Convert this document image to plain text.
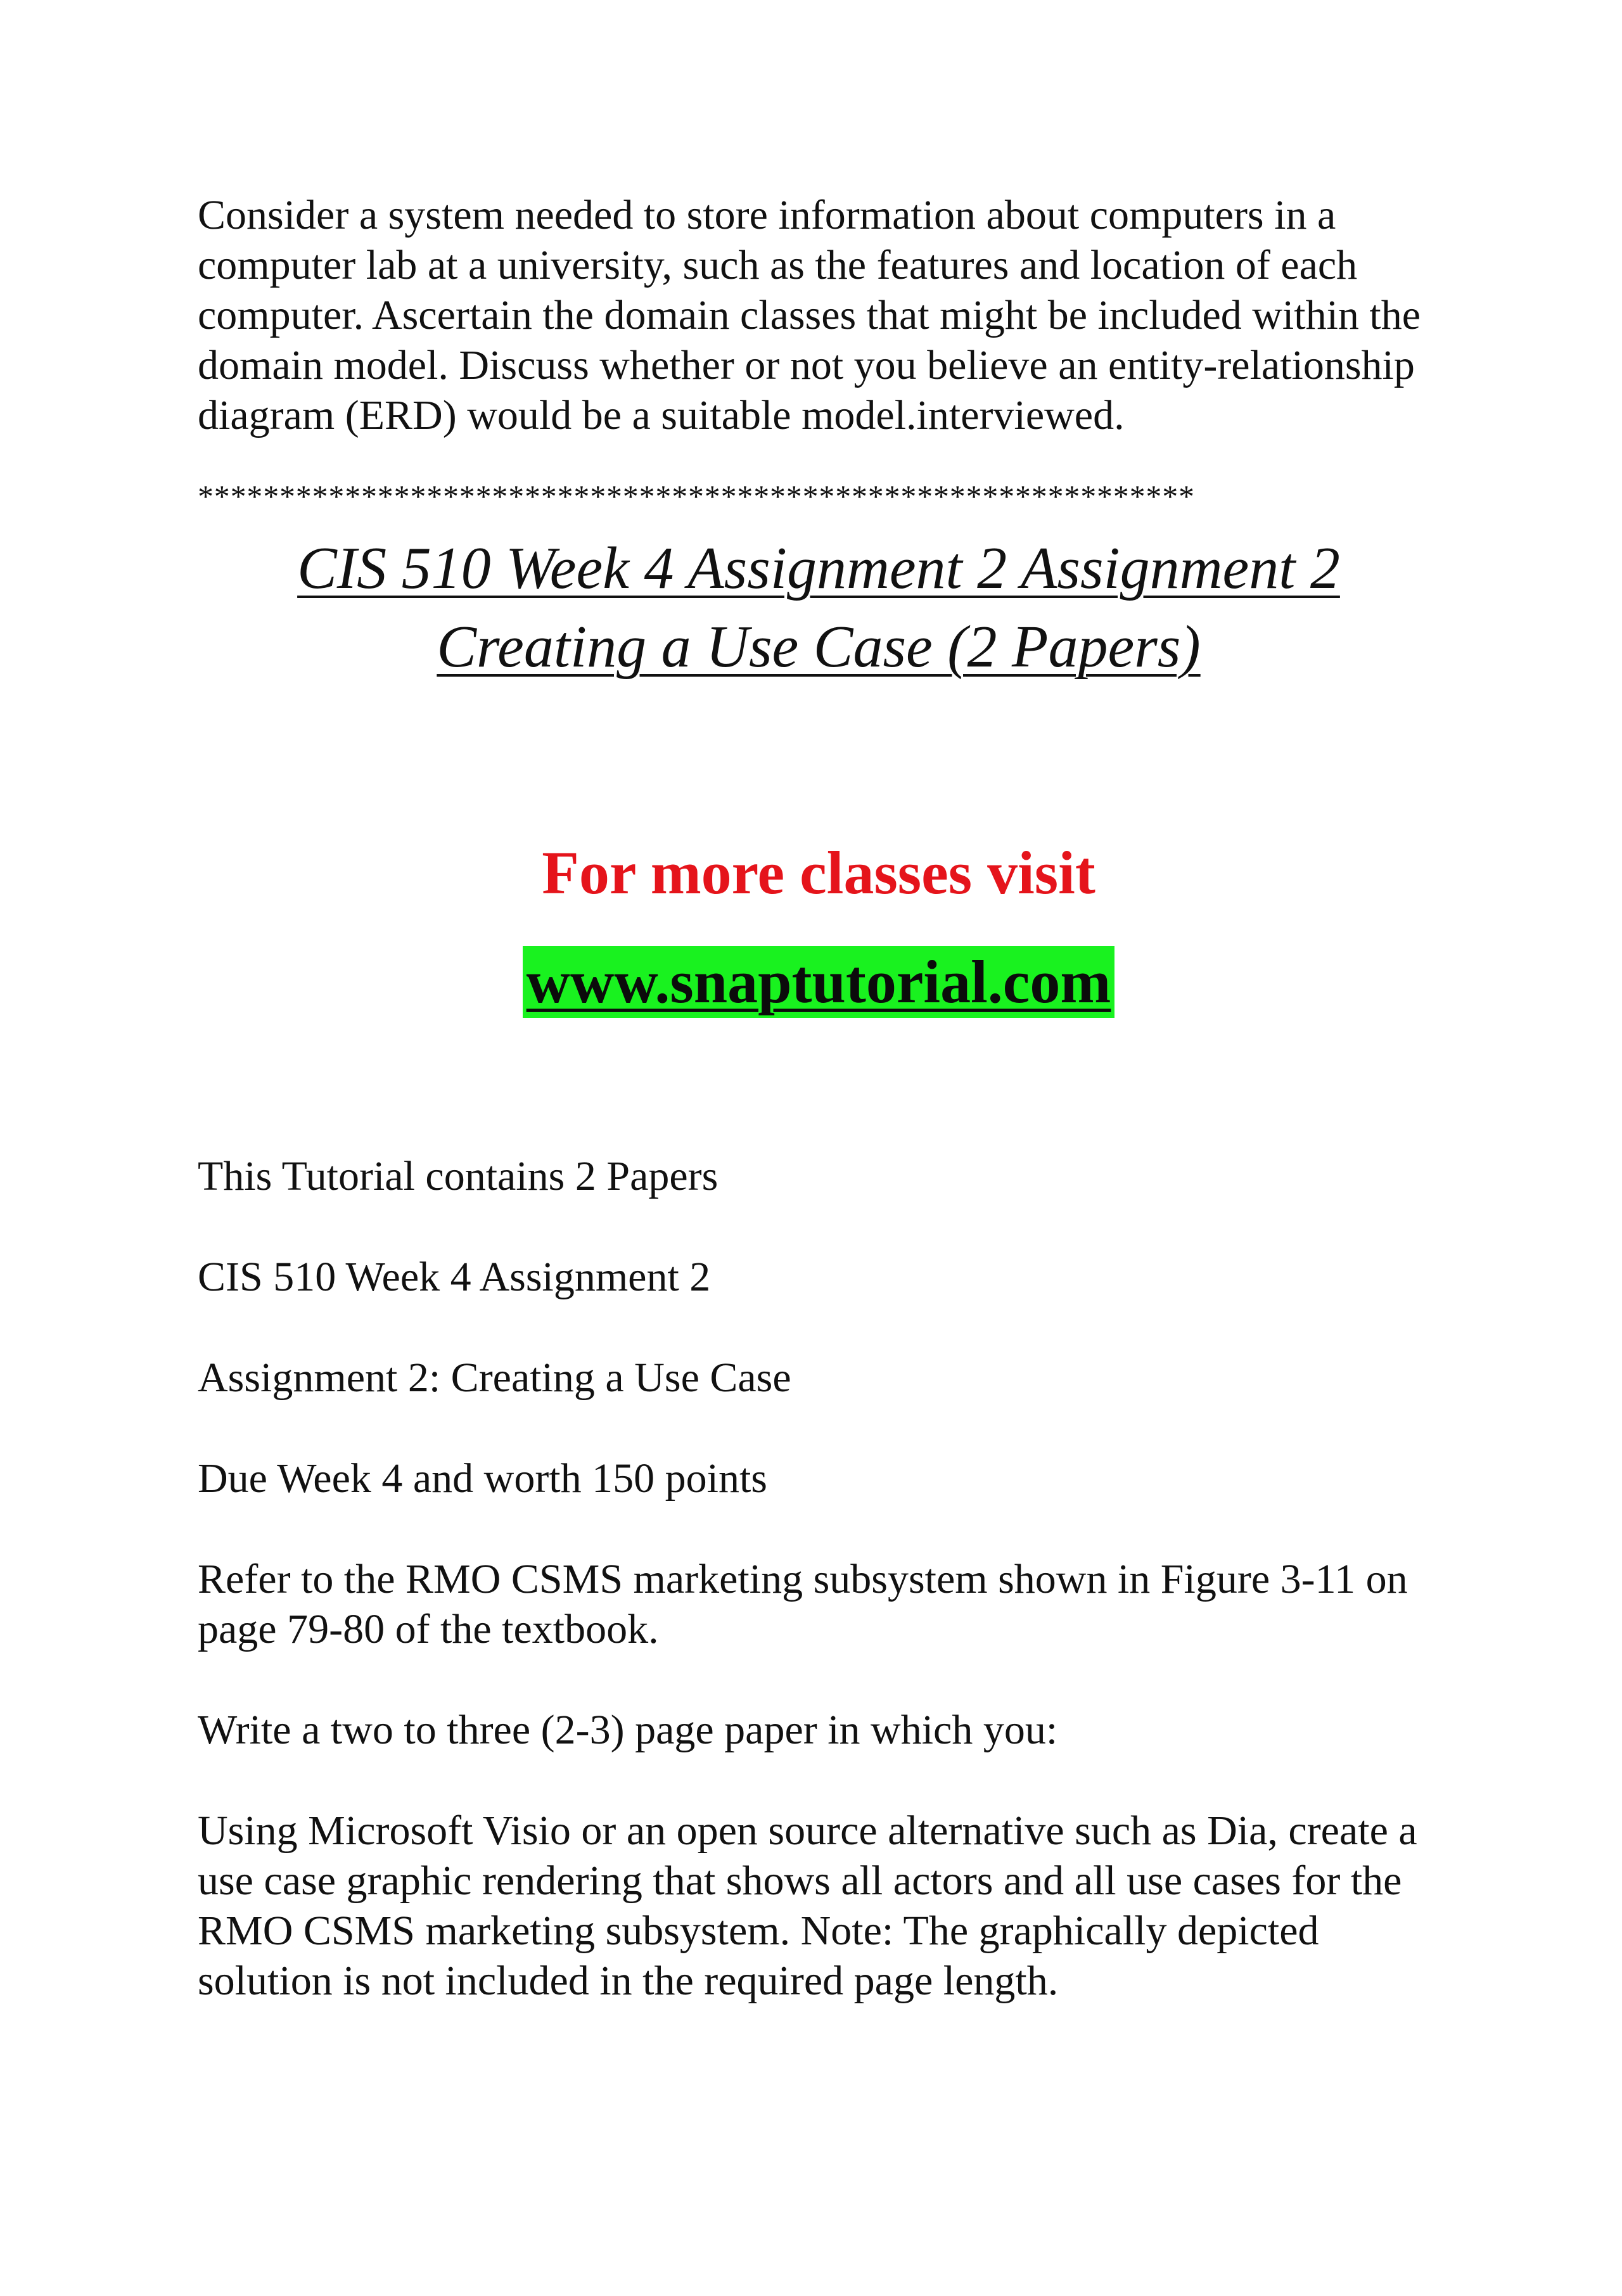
Consider a system needed to store information about computers in a computer lab at a university, such as the features and location of each computer. Ascertain the domain classes that might be included within the domain model. Discuss whether or not you believe an entity-relationship diagram (ERD) would be a suitable model.interviewed.

*************************************************************
CIS 510 Week 4 Assignment 2 Assignment 2
Creating a Use Case (2 Papers)
For more classes visit
www.snaptutorial.com

This Tutorial contains 2 Papers

CIS 510 Week 4 Assignment 2

Assignment 2: Creating a Use Case

Due Week 4 and worth 150 points

Refer to the RMO CSMS marketing subsystem shown in Figure 3-11 on page 79-80 of the textbook.

Write a two to three (2-3) page paper in which you:

Using Microsoft Visio or an open source alternative such as Dia, create a use case graphic rendering that shows all actors and all use cases for the RMO CSMS marketing subsystem. Note: The graphically depicted solution is not included in the required page length.
